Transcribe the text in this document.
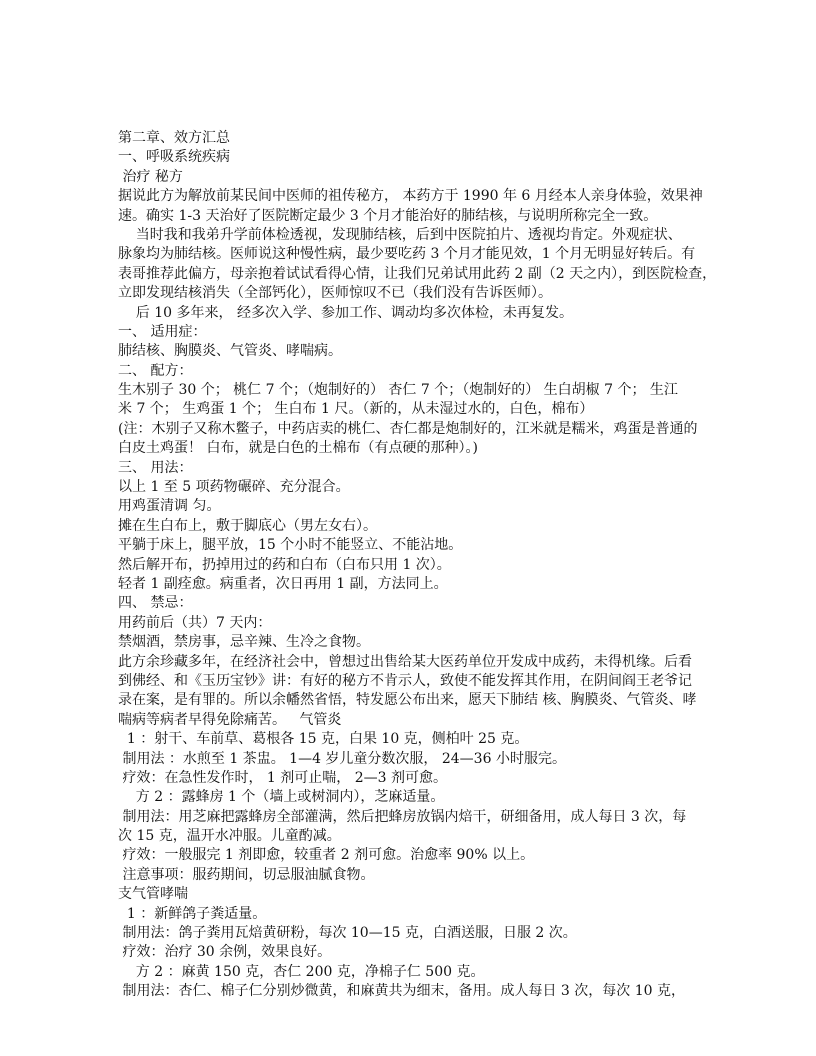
第二章、效方汇总
一、呼吸系统疾病
治疗 秘方
据说此方为解放前某民间中医师的祖传秘方， 本药方于 1990 年 6 月经本人亲身体验，效果神
速。确实 1-3 天治好了医院断定最少 3 个月才能治好的肺结核，与说明所称完全一致。
当时我和我弟升学前体检透视，发现肺结核，后到中医院拍片、透视均肯定。外观症状、
脉象均为肺结核。医师说这种慢性病，最少要吃药 3 个月才能见效，1 个月无明显好转后。有
表哥推荐此偏方，母亲抱着试试看得心情，让我们兄弟试用此药 2 副（2 天之内），到医院检查，
立即发现结核消失（全部钙化），医师惊叹不已（我们没有告诉医师）。
后 10 多年来， 经多次入学、参加工作、调动均多次体检，未再复发。
一、 适用症：
肺结核、胸膜炎、气管炎、哮喘病。
二、 配方：
生木别子 30 个； 桃仁 7 个；（炮制好的） 杏仁 7 个；（炮制好的） 生白胡椒 7 个； 生江
米 7 个； 生鸡蛋 1 个； 生白布 1 尺。（新的，从未湿过水的，白色，棉布）
(注：木别子又称木鳖子，中药店卖的桃仁、杏仁都是炮制好的，江米就是糯米，鸡蛋是普通的
白皮土鸡蛋！ 白布，就是白色的土棉布（有点硬的那种）。)
三、 用法：
以上 1 至 5 项药物碾碎、充分混合。
用鸡蛋清调 匀。
摊在生白布上，敷于脚底心（男左女右）。
平躺于床上，腿平放，15 个小时不能竖立、不能沾地。
然后解开布，扔掉用过的药和白布（白布只用 1 次）。
轻者 1 副痊愈。病重者，次日再用 1 副，方法同上。
四、 禁忌：
用药前后（共）7 天内：
禁烟酒，禁房事，忌辛辣、生冷之食物。
此方余珍藏多年，在经济社会中，曾想过出售给某大医药单位开发成中成药，未得机缘。后看
到佛经、和《玉历宝钞》讲：有好的秘方不肯示人，致使不能发挥其作用，在阴间阎王老爷记
录在案，是有罪的。所以余幡然省悟，特发愿公布出来，愿天下肺结 核、胸膜炎、气管炎、哮
喘病等病者早得免除痛苦。   气管炎
1 ：射干、车前草、葛根各 15 克，白果 10 克，侧柏叶 25 克。
制用法 ：水煎至 1 茶盅。 1—4 岁儿童分数次服， 24—36 小时服完。
疗效：在急性发作时， 1 剂可止喘， 2—3 剂可愈。
方 2 ：露蜂房 1 个（墙上或树洞内），芝麻适量。
制用法：用芝麻把露蜂房全部灌满，然后把蜂房放锅内焙干，研细备用，成人每日 3 次，每
次 15 克，温开水冲服。儿童酌减。
疗效：一般服完 1 剂即愈，较重者 2 剂可愈。治愈率 90% 以上。
注意事项：服药期间，切忌服油腻食物。
支气管哮喘
1 ：新鲜鸽子粪适量。
制用法：鸽子粪用瓦焙黄研粉，每次 10—15 克，白酒送服，日服 2 次。
疗效：治疗 30 余例，效果良好。
方 2 ：麻黄 150 克，杏仁 200 克，净棉子仁 500 克。
制用法：杏仁、棉子仁分别炒微黄，和麻黄共为细末，备用。成人每日 3 次，每次 10 克，
